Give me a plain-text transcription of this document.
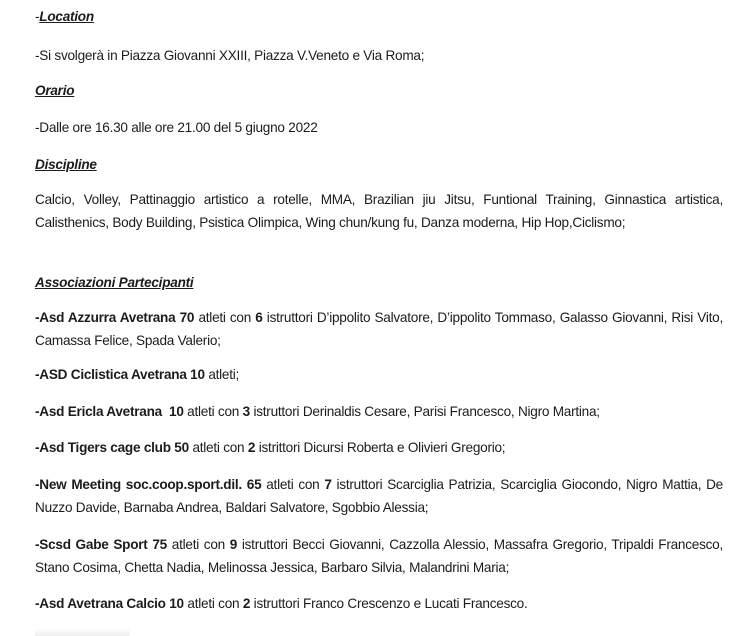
-Location
-Si svolgerà in Piazza Giovanni XXIII, Piazza V.Veneto e Via Roma;
Orario
-Dalle ore 16.30 alle ore 21.00 del 5 giugno 2022
Discipline
Calcio, Volley, Pattinaggio artistico a rotelle, MMA, Brazilian jiu Jitsu, Funtional Training, Ginnastica artistica, Calisthenics, Body Building, Psistica Olimpica, Wing chun/kung fu, Danza moderna, Hip Hop,Ciclismo;
Associazioni Partecipanti
-Asd Azzurra Avetrana 70 atleti con 6 istruttori D’ippolito Salvatore, D’ippolito Tommaso, Galasso Giovanni, Risi Vito, Camassa Felice, Spada Valerio;
-ASD Ciclistica Avetrana 10 atleti;
-Asd Ericla Avetrana  10 atleti con 3 istruttori Derinaldis Cesare, Parisi Francesco, Nigro Martina;
-Asd Tigers cage club 50 atleti con 2 istrittori Dicursi Roberta e Olivieri Gregorio;
-New Meeting soc.coop.sport.dil. 65 atleti con 7 istruttori Scarciglia Patrizia, Scarciglia Giocondo, Nigro Mattia, De Nuzzo Davide, Barnaba Andrea, Baldari Salvatore, Sgobbio Alessia;
-Scsd Gabe Sport 75 atleti con 9 istruttori Becci Giovanni, Cazzolla Alessio, Massafra Gregorio, Tripaldi Francesco, Stano Cosima, Chetta Nadia, Melinossa Jessica, Barbaro Silvia, Malandrini Maria;
-Asd Avetrana Calcio 10 atleti con 2 istruttori Franco Crescenzo e Lucati Francesco.
